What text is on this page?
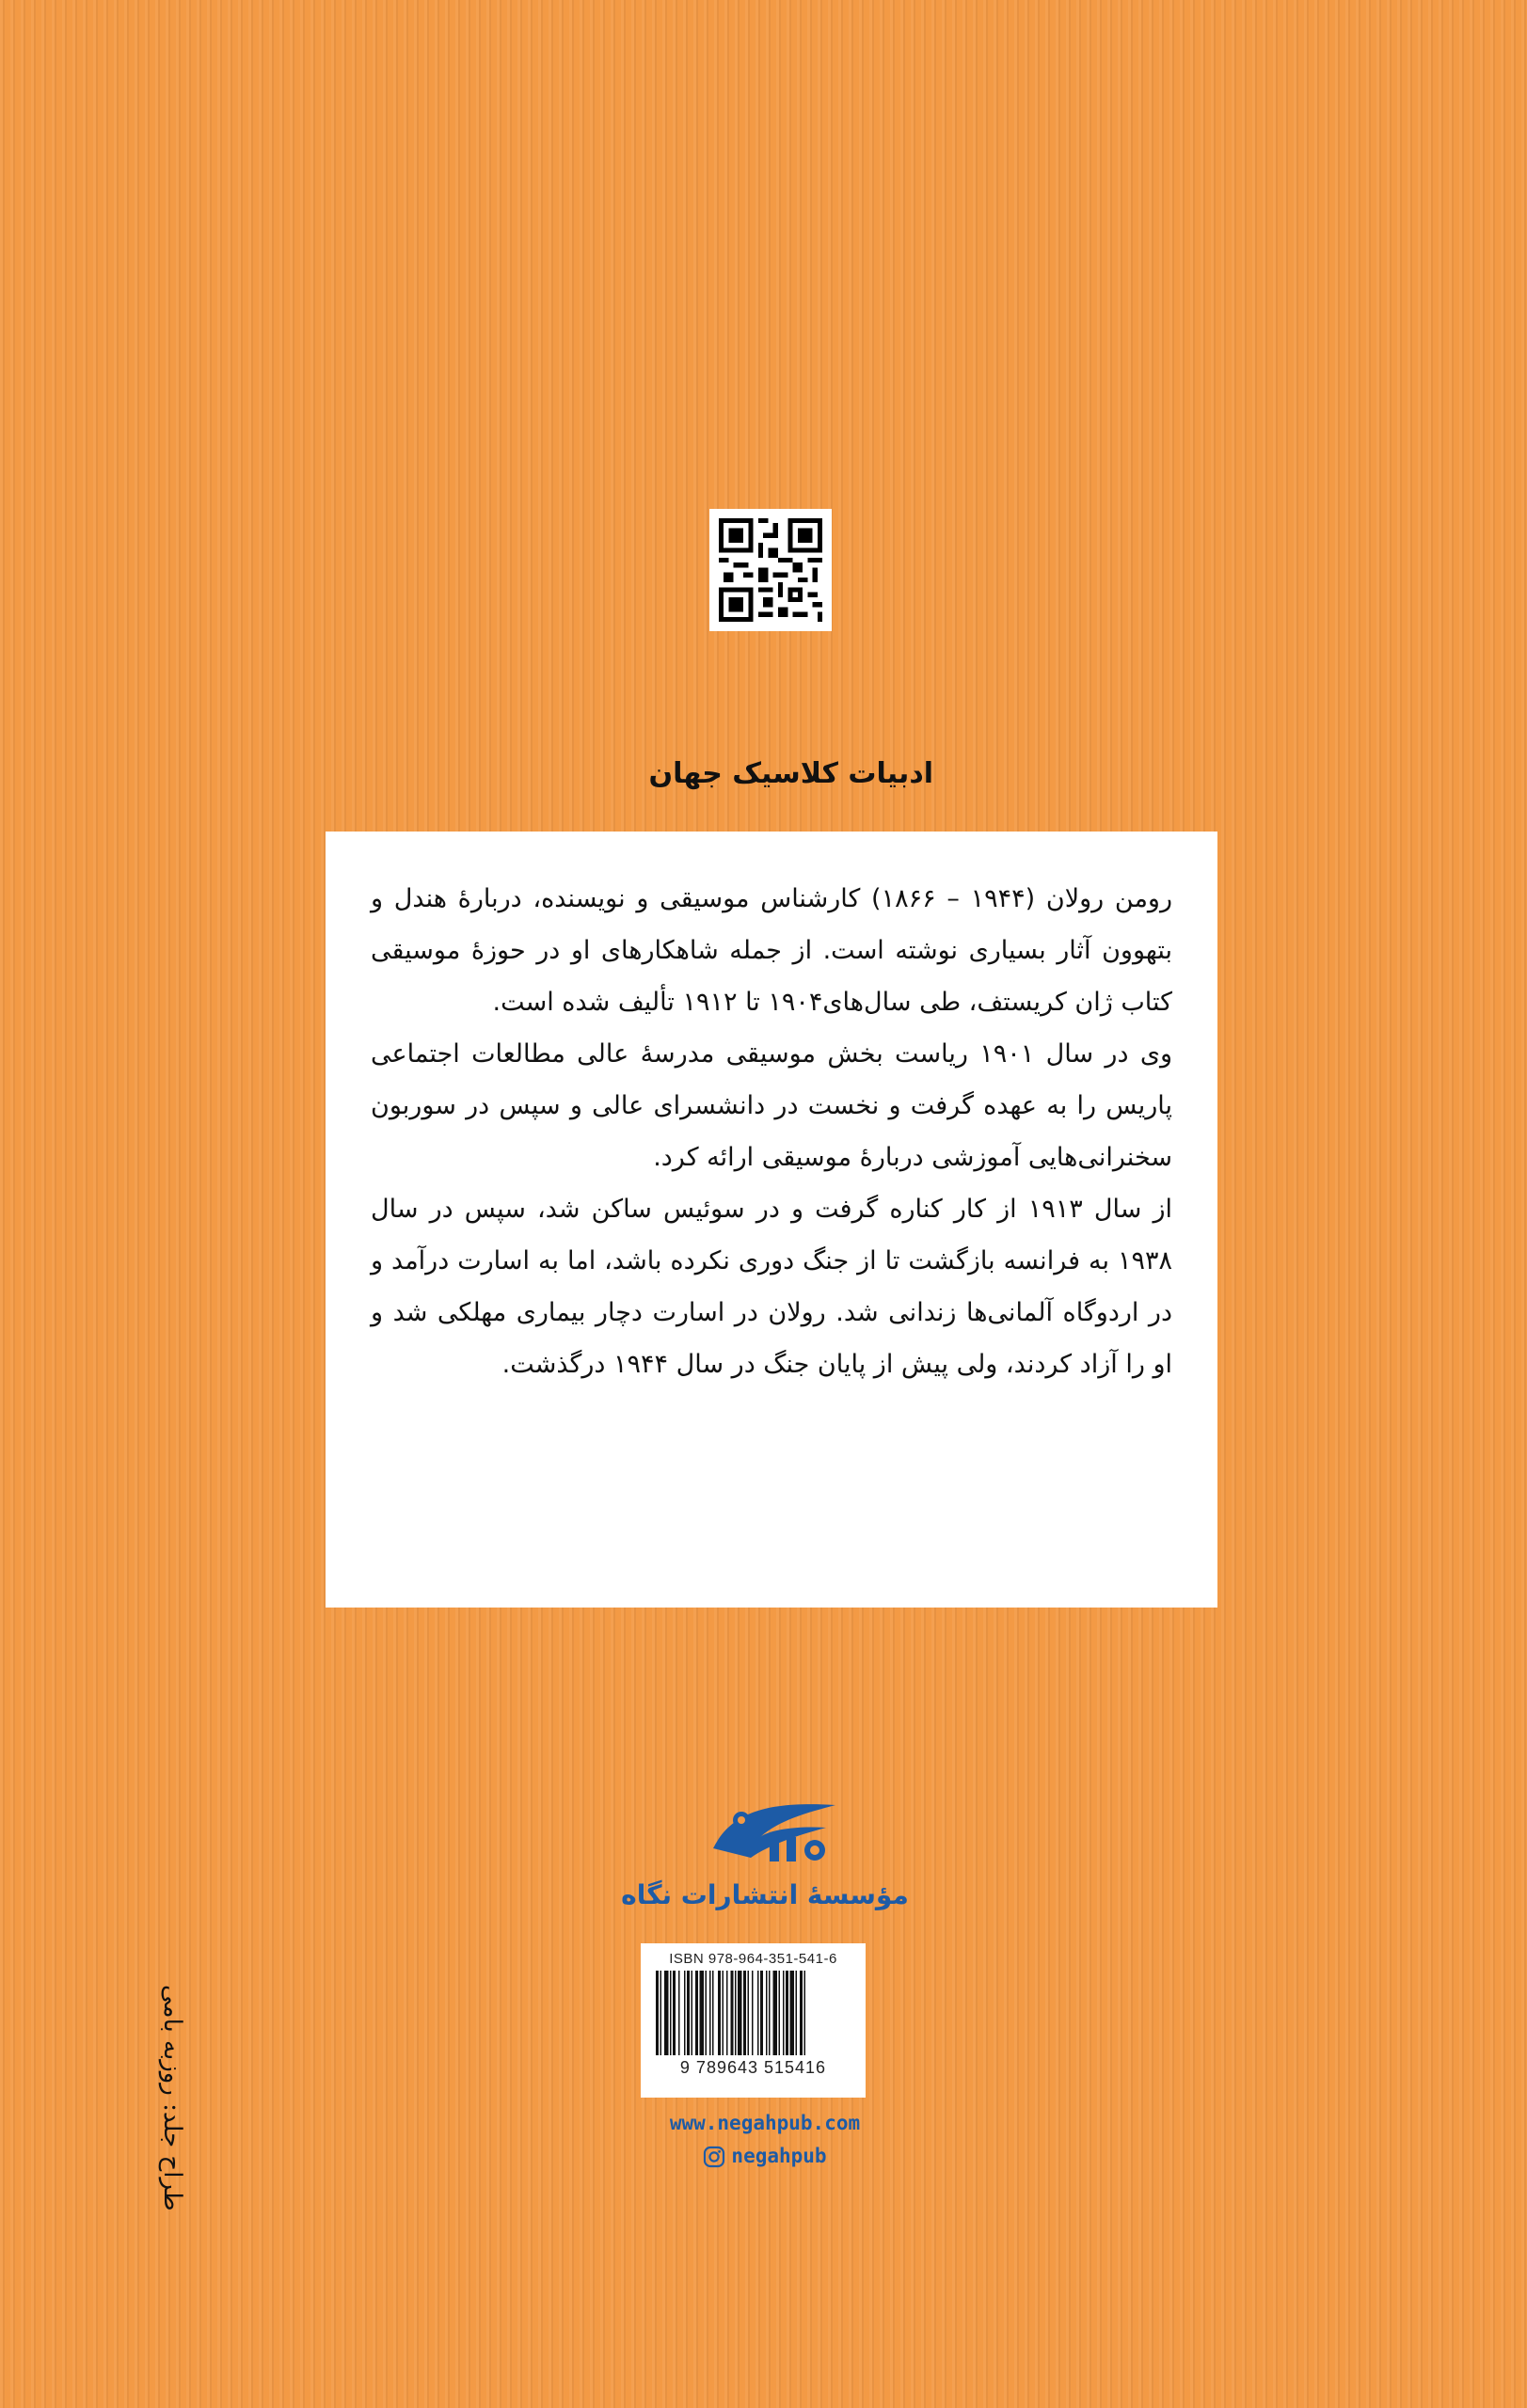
ادبیات کلاسیک جهان

رومن رولان (۱۹۴۴ – ۱۸۶۶) کارشناس موسیقی و نویسنده، دربارهٔ هندل و بتهوون آثار بسیاری نوشته است. از جمله شاهکارهای او در حوزهٔ موسیقی کتاب ژان کریستف، طی سال‌های۱۹۰۴ تا ۱۹۱۲ تألیف شده است.

وی در سال ۱۹۰۱ ریاست بخش موسیقی مدرسهٔ عالی مطالعات اجتماعی پاریس را به عهده گرفت و نخست در دانشسرای عالی و سپس در سوربون سخنرانی‌هایی آموزشی دربارهٔ موسیقی ارائه کرد.

از سال ۱۹۱۳ از کار کناره گرفت و در سوئیس ساکن شد، سپس در سال ۱۹۳۸ به فرانسه بازگشت تا از جنگ دوری نکرده باشد، اما به اسارت درآمد و در اردوگاه آلمانی‌ها زندانی شد. رولان در اسارت دچار بیماری مهلکی شد و او را آزاد کردند، ولی پیش از پایان جنگ در سال ۱۹۴۴ درگذشت.

مؤسسهٔ انتشارات نگاه
ISBN 978-964-351-541-6
9 789643 515416
www.negahpub.com
negahpub
طراح جلد: روزبه بامی
